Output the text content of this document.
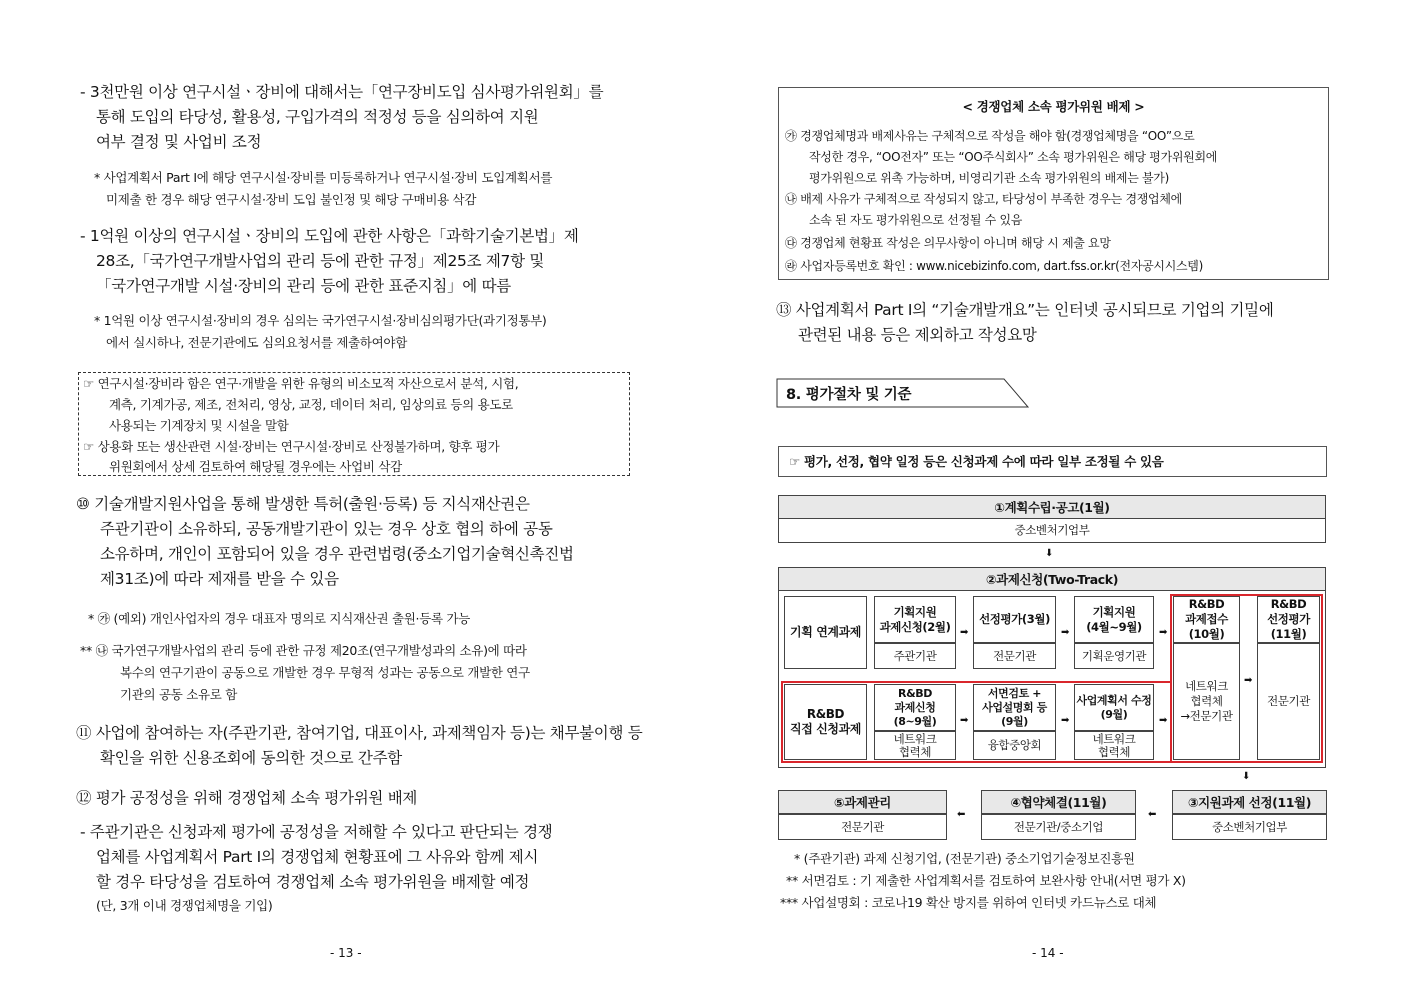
- 3천만원 이상 연구시설ㆍ장비에 대해서는「연구장비도입 심사평가위원회」를
통해 도입의 타당성, 활용성, 구입가격의 적정성 등을 심의하여 지원
여부 결정 및 사업비 조정
* 사업계획서 Part I에 해당 연구시설·장비를 미등록하거나 연구시설·장비 도입계획서를
미제출 한 경우 해당 연구시설·장비 도입 불인정 및 해당 구매비용 삭감
- 1억원 이상의 연구시설ㆍ장비의 도입에 관한 사항은「과학기술기본법」제
28조,「국가연구개발사업의 관리 등에 관한 규정」제25조 제7항 및
「국가연구개발 시설·장비의 관리 등에 관한 표준지침」에 따름
* 1억원 이상 연구시설·장비의 경우 심의는 국가연구시설·장비심의평가단(과기정통부)
에서 실시하나, 전문기관에도 심의요청서를 제출하여야함
☞ 연구시설·장비라 함은 연구·개발을 위한 유형의 비소모적 자산으로서 분석, 시험,
계측, 기계가공, 제조, 전처리, 영상, 교정, 데이터 처리, 임상의료 등의 용도로
사용되는 기계장치 및 시설을 말함
☞ 상용화 또는 생산관련 시설·장비는 연구시설·장비로 산정불가하며, 향후 평가
위원회에서 상세 검토하여 해당될 경우에는 사업비 삭감
⑩ 기술개발지원사업을 통해 발생한 특허(출원·등록) 등 지식재산권은
주관기관이 소유하되, 공동개발기관이 있는 경우 상호 협의 하에 공동
소유하며, 개인이 포함되어 있을 경우 관련법령(중소기업기술혁신촉진법
제31조)에 따라 제재를 받을 수 있음
* ㉮ (예외) 개인사업자의 경우 대표자 명의로 지식재산권 출원·등록 가능
** ㉯ 국가연구개발사업의 관리 등에 관한 규정 제20조(연구개발성과의 소유)에 따라
복수의 연구기관이 공동으로 개발한 경우 무형적 성과는 공동으로 개발한 연구
기관의 공동 소유로 함
⑪ 사업에 참여하는 자(주관기관, 참여기업, 대표이사, 과제책임자 등)는 채무불이행 등
확인을 위한 신용조회에 동의한 것으로 간주함
⑫ 평가 공정성을 위해 경쟁업체 소속 평가위원 배제
- 주관기관은 신청과제 평가에 공정성을 저해할 수 있다고 판단되는 경쟁
업체를 사업계획서 Part I의 경쟁업체 현황표에 그 사유와 함께 제시
할 경우 타당성을 검토하여 경쟁업체 소속 평가위원을 배제할 예정
(단, 3개 이내 경쟁업체명을 기입)
- 13 -
< 경쟁업체 소속 평가위원 배제 >
㉮ 경쟁업체명과 배제사유는 구체적으로 작성을 해야 함(경쟁업체명을 “OO”으로
작성한 경우, “OO전자” 또는 “OO주식회사” 소속 평가위원은 해당 평가위원회에
평가위원으로 위촉 가능하며, 비영리기관 소속 평가위원의 배제는 불가)
㉯ 배제 사유가 구체적으로 작성되지 않고, 타당성이 부족한 경우는 경쟁업체에
소속 된 자도 평가위원으로 선정될 수 있음
㉰ 경쟁업체 현황표 작성은 의무사항이 아니며 해당 시 제출 요망
㉱ 사업자등록번호 확인 : www.nicebizinfo.com, dart.fss.or.kr(전자공시시스템)
⑬ 사업계획서 Part I의 “기술개발개요”는 인터넷 공시되므로 기업의 기밀에
관련된 내용 등은 제외하고 작성요망
8. 평가절차 및 기준
☞ 평가, 선정, 협약 일정 등은 신청과제 수에 따라 일부 조정될 수 있음
①계획수립·공고(1월)
중소벤처기업부
⬇
②과제신청(Two-Track)
기획 연계과제
기획지원
과제신청(2월)
주관기관
➡
선정평가(3월)
전문기관
➡
기획지원
(4월~9월)
기획운영기관
➡
R&BD
과제접수
(10월)
네트워크
협력체
→전문기관
➡
R&BD
선정평가
(11월)
전문기관
R&BD
직접 신청과제
R&BD
과제신청
(8~9월)
네트워크
협력체
➡
서면검토 +
사업설명회 등
(9월)
융합중앙회
➡
사업계획서 수정
(9월)
네트워크
협력체
➡
⬇
③지원과제 선정(11월)
중소벤처기업부
⬅
④협약체결(11월)
전문기관/중소기업
⬅
⑤과제관리
전문기관
* (주관기관) 과제 신청기업, (전문기관) 중소기업기술정보진흥원
** 서면검토 : 기 제출한 사업계획서를 검토하여 보완사항 안내(서면 평가 X)
*** 사업설명회 : 코로나19 확산 방지를 위하여 인터넷 카드뉴스로 대체
- 14 -
